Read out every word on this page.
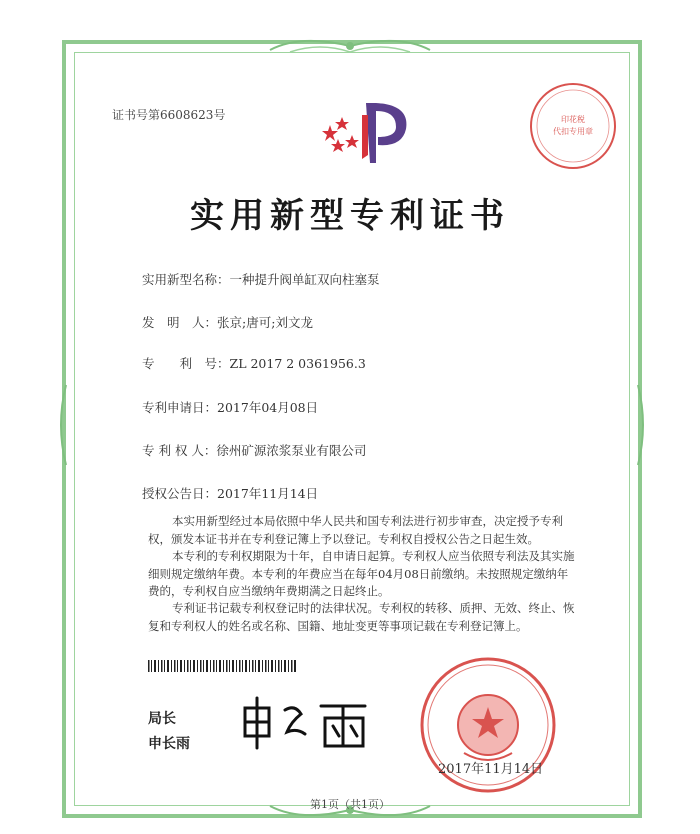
证书号第6608623号	印花税
代扣专用章
实用新型专利证书
实用新型名称：一种提升阀单缸双向柱塞泵
发　明　人：张京;唐可;刘文龙
专　　利　号：ZL 2017 2 0361956.3
专利申请日：2017年04月08日
专 利 权 人：徐州矿源浓浆泵业有限公司
授权公告日：2017年11月14日
本实用新型经过本局依照中华人民共和国专利法进行初步审查，决定授予专利权，颁发本证书并在专利登记簿上予以登记。专利权自授权公告之日起生效。
本专利的专利权期限为十年，自申请日起算。专利权人应当依照专利法及其实施细则规定缴纳年费。本专利的年费应当在每年04月08日前缴纳。未按照规定缴纳年费的，专利权自应当缴纳年费期满之日起终止。
专利证书记载专利权登记时的法律状况。专利权的转移、质押、无效、终止、恢复和专利权人的姓名或名称、国籍、地址变更等事项记载在专利登记簿上。
局长
申长雨
2017年11月14日
第1页（共1页）
